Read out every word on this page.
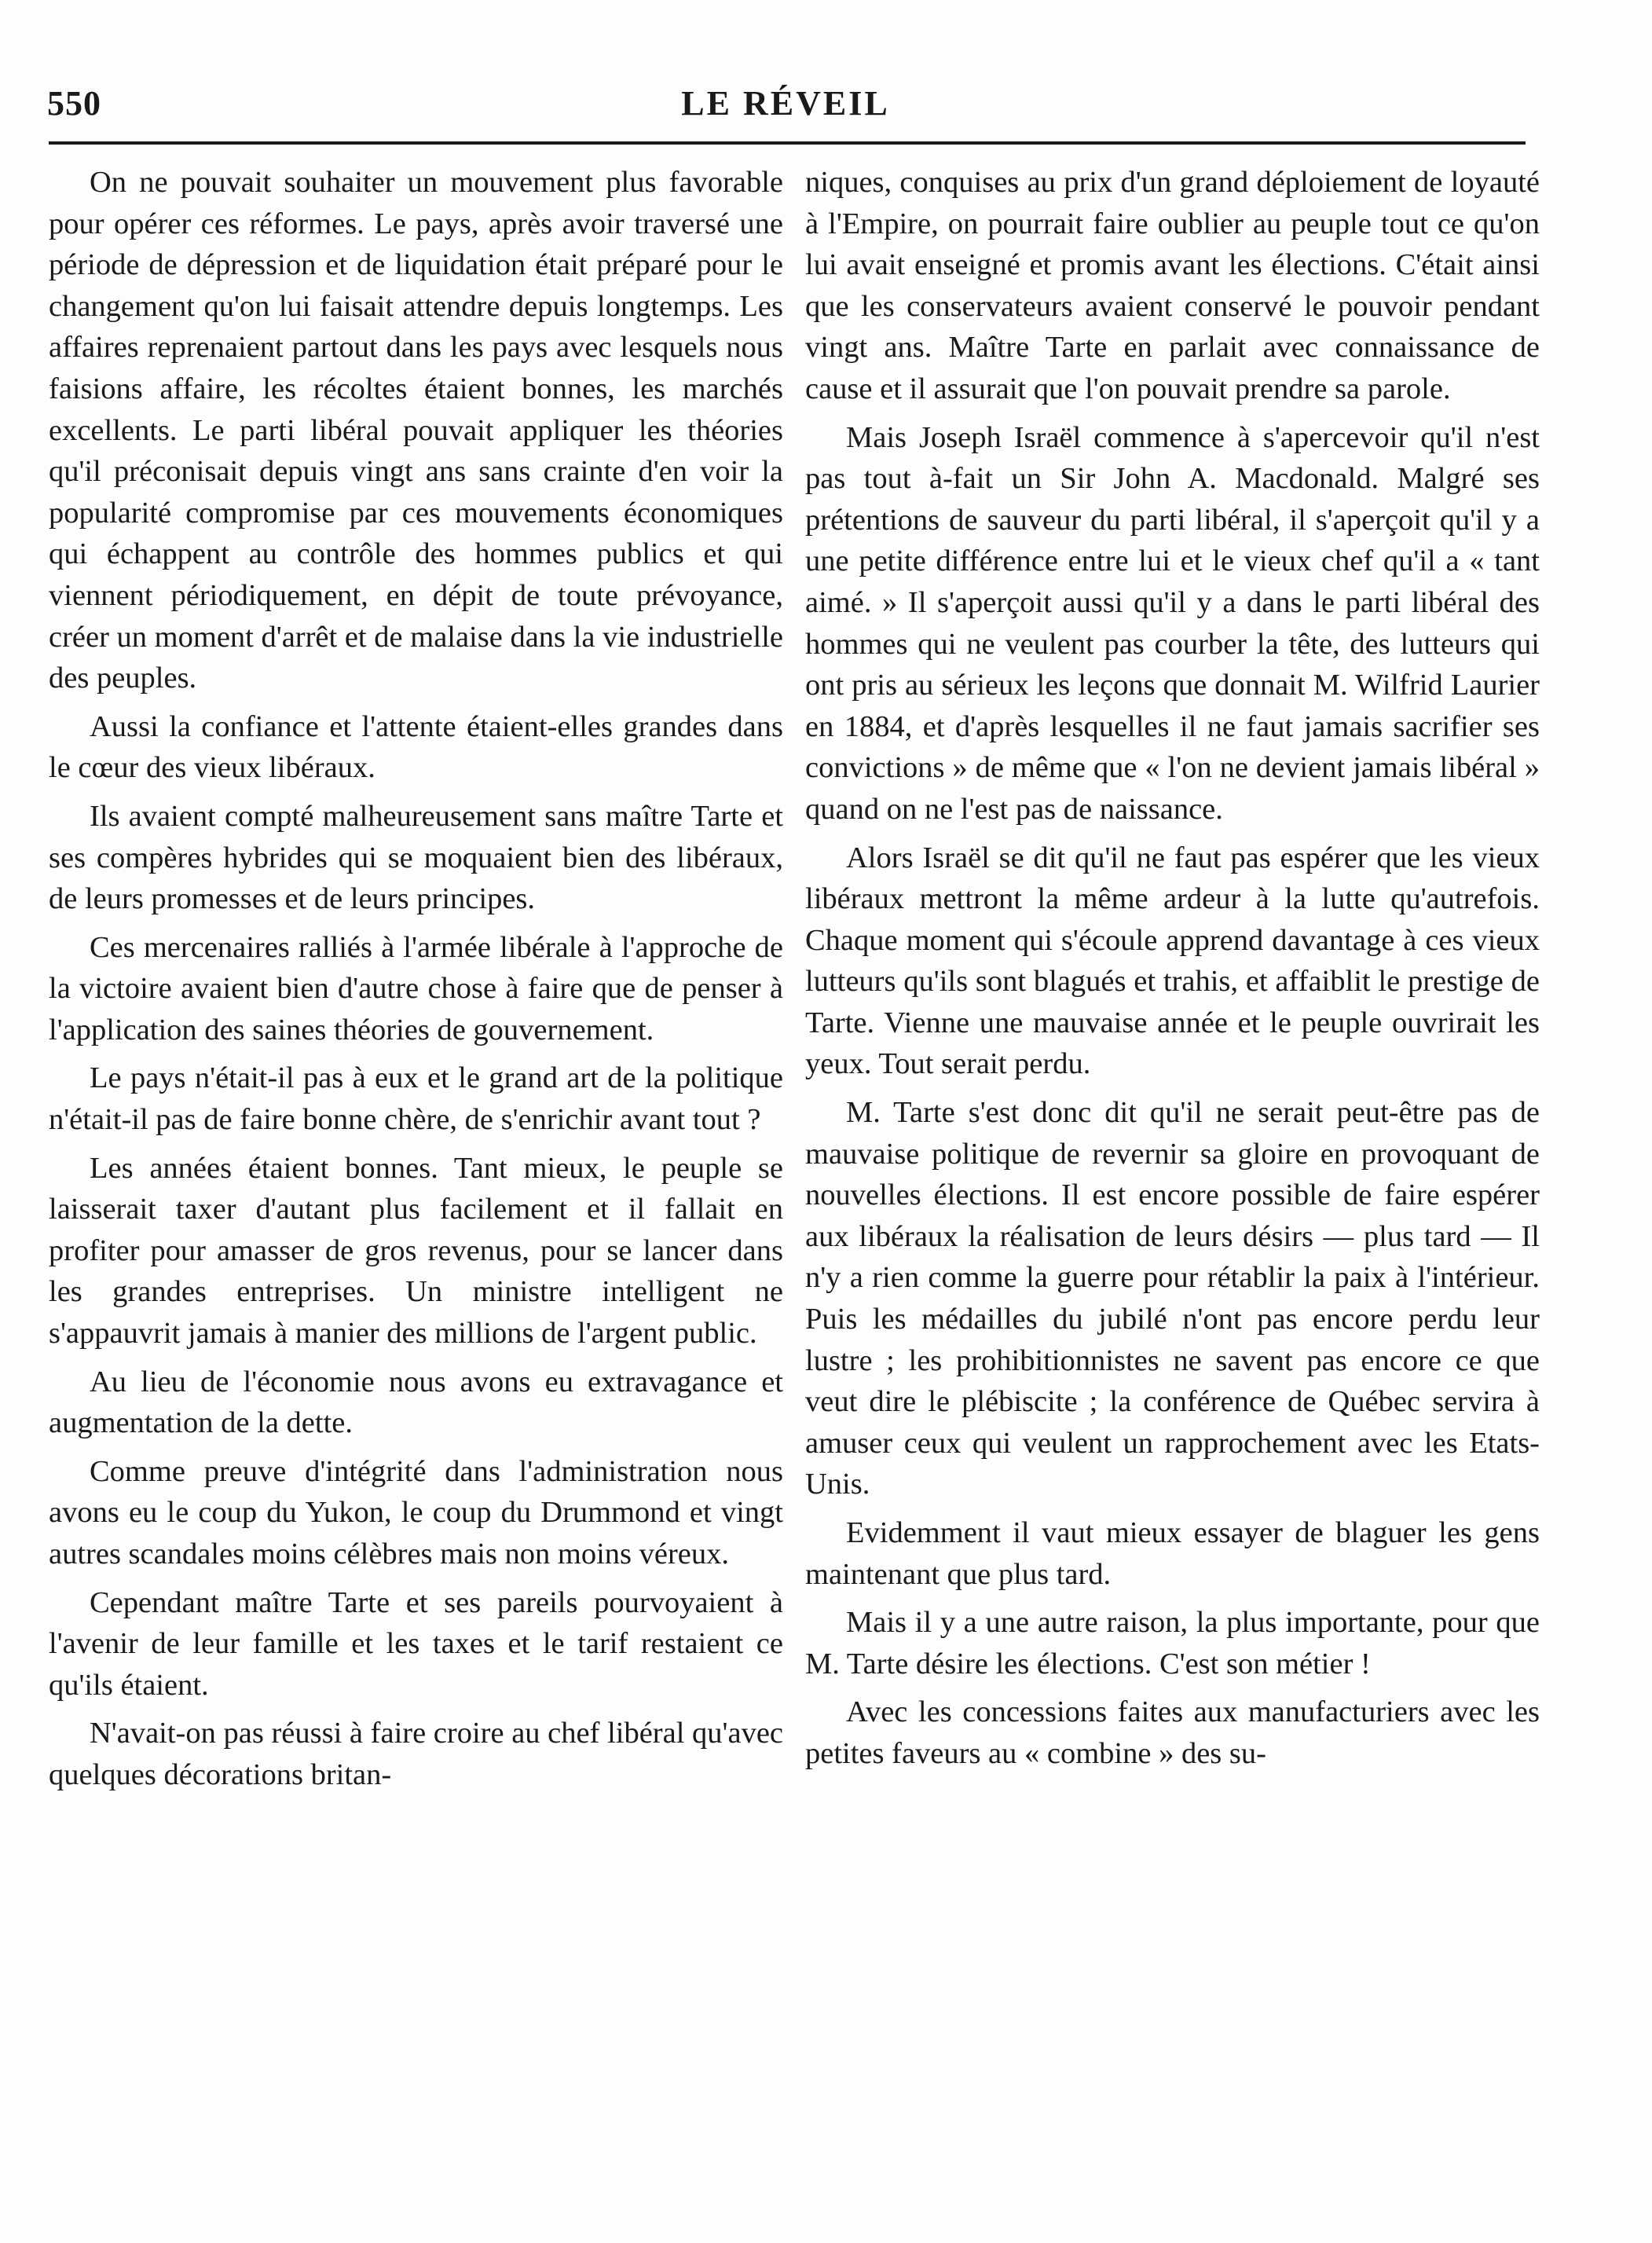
550	LE RÉVEIL

On ne pouvait souhaiter un mouvement plus favorable pour opérer ces réformes. Le pays, après avoir traversé une période de dépression et de liquidation était préparé pour le changement qu'on lui faisait attendre depuis longtemps. Les affaires reprenaient partout dans les pays avec lesquels nous faisions affaire, les récoltes étaient bonnes, les marchés excellents. Le parti libéral pouvait appliquer les théories qu'il préconisait depuis vingt ans sans crainte d'en voir la popularité compromise par ces mouvements économiques qui échappent au contrôle des hommes publics et qui viennent périodiquement, en dépit de toute prévoyance, créer un moment d'arrêt et de malaise dans la vie industrielle des peuples.

Aussi la confiance et l'attente étaient-elles grandes dans le cœur des vieux libéraux.

Ils avaient compté malheureusement sans maître Tarte et ses compères hybrides qui se moquaient bien des libéraux, de leurs promesses et de leurs principes.

Ces mercenaires ralliés à l'armée libérale à l'approche de la victoire avaient bien d'autre chose à faire que de penser à l'application des saines théories de gouvernement.

Le pays n'était-il pas à eux et le grand art de la politique n'était-il pas de faire bonne chère, de s'enrichir avant tout ?

Les années étaient bonnes. Tant mieux, le peuple se laisserait taxer d'autant plus facilement et il fallait en profiter pour amasser de gros revenus, pour se lancer dans les grandes entreprises. Un ministre intelligent ne s'appauvrit jamais à manier des millions de l'argent public.

Au lieu de l'économie nous avons eu extravagance et augmentation de la dette.

Comme preuve d'intégrité dans l'administration nous avons eu le coup du Yukon, le coup du Drummond et vingt autres scandales moins célèbres mais non moins véreux.

Cependant maître Tarte et ses pareils pourvoyaient à l'avenir de leur famille et les taxes et le tarif restaient ce qu'ils étaient.

N'avait-on pas réussi à faire croire au chef libéral qu'avec quelques décorations britan-

niques, conquises au prix d'un grand déploiement de loyauté à l'Empire, on pourrait faire oublier au peuple tout ce qu'on lui avait enseigné et promis avant les élections. C'était ainsi que les conservateurs avaient conservé le pouvoir pendant vingt ans. Maître Tarte en parlait avec connaissance de cause et il assurait que l'on pouvait prendre sa parole.

Mais Joseph Israël commence à s'apercevoir qu'il n'est pas tout à-fait un Sir John A. Macdonald. Malgré ses prétentions de sauveur du parti libéral, il s'aperçoit qu'il y a une petite différence entre lui et le vieux chef qu'il a « tant aimé. » Il s'aperçoit aussi qu'il y a dans le parti libéral des hommes qui ne veulent pas courber la tête, des lutteurs qui ont pris au sérieux les leçons que donnait M. Wilfrid Laurier en 1884, et d'après lesquelles il ne faut jamais sacrifier ses convictions » de même que « l'on ne devient jamais libéral » quand on ne l'est pas de naissance.

Alors Israël se dit qu'il ne faut pas espérer que les vieux libéraux mettront la même ardeur à la lutte qu'autrefois. Chaque moment qui s'écoule apprend davantage à ces vieux lutteurs qu'ils sont blagués et trahis, et affaiblit le prestige de Tarte. Vienne une mauvaise année et le peuple ouvrirait les yeux. Tout serait perdu.

M. Tarte s'est donc dit qu'il ne serait peut-être pas de mauvaise politique de revernir sa gloire en provoquant de nouvelles élections. Il est encore possible de faire espérer aux libéraux la réalisation de leurs désirs — plus tard — Il n'y a rien comme la guerre pour rétablir la paix à l'intérieur. Puis les médailles du jubilé n'ont pas encore perdu leur lustre ; les prohibitionnistes ne savent pas encore ce que veut dire le plébiscite ; la conférence de Québec servira à amuser ceux qui veulent un rapprochement avec les Etats-Unis.

Evidemment il vaut mieux essayer de blaguer les gens maintenant que plus tard.

Mais il y a une autre raison, la plus importante, pour que M. Tarte désire les élections. C'est son métier !

Avec les concessions faites aux manufacturiers avec les petites faveurs au « combine » des su-
